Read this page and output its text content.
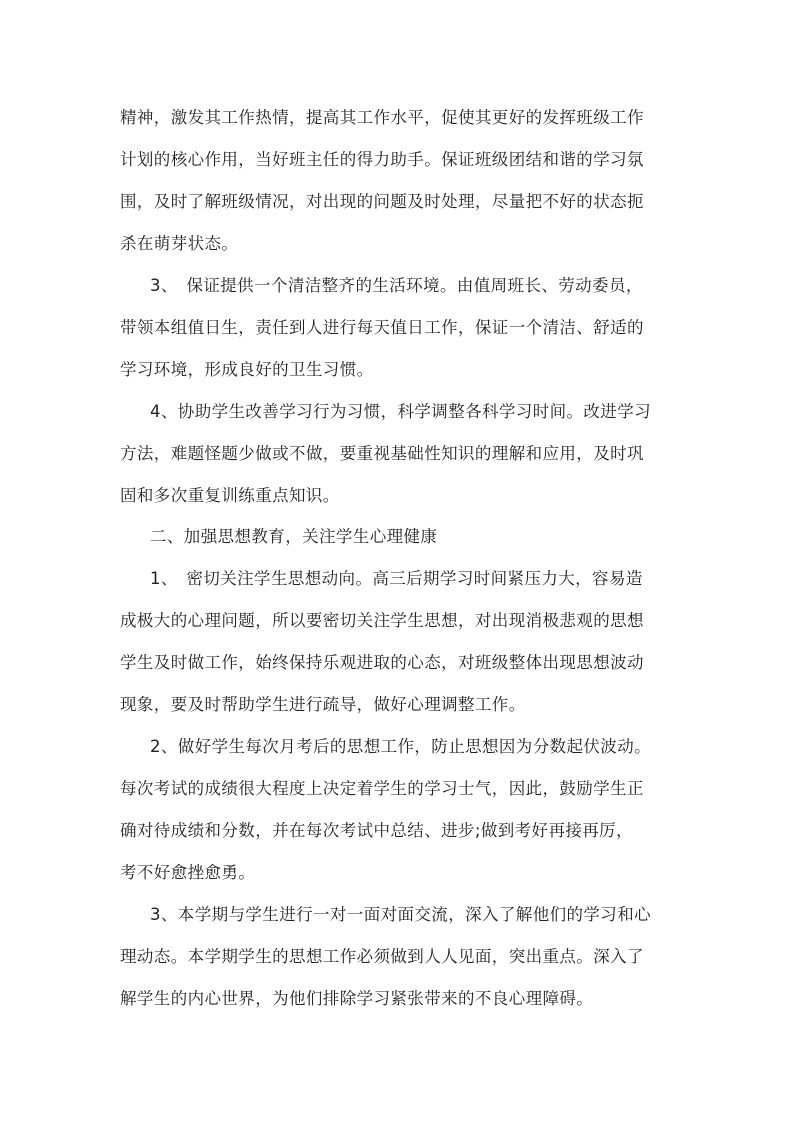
精神，激发其工作热情，提高其工作水平，促使其更好的发挥班级工作
计划的核心作用，当好班主任的得力助手。保证班级团结和谐的学习氛
围，及时了解班级情况，对出现的问题及时处理，尽量把不好的状态扼
杀在萌芽状态。
3、　保证提供一个清洁整齐的生活环境。由值周班长、劳动委员，
带领本组值日生，责任到人进行每天值日工作，保证一个清洁、舒适的
学习环境，形成良好的卫生习惯。
4、协助学生改善学习行为习惯，科学调整各科学习时间。改进学习
方法，难题怪题少做或不做，要重视基础性知识的理解和应用，及时巩
固和多次重复训练重点知识。
二、加强思想教育，关注学生心理健康
1、　密切关注学生思想动向。高三后期学习时间紧压力大，容易造
成极大的心理问题，所以要密切关注学生思想，对出现消极悲观的思想
学生及时做工作，始终保持乐观进取的心态，对班级整体出现思想波动
现象，要及时帮助学生进行疏导，做好心理调整工作。
2、做好学生每次月考后的思想工作，防止思想因为分数起伏波动。
每次考试的成绩很大程度上决定着学生的学习士气，因此，鼓励学生正
确对待成绩和分数，并在每次考试中总结、进步;做到考好再接再厉，
考不好愈挫愈勇。
3、本学期与学生进行一对一面对面交流，深入了解他们的学习和心
理动态。本学期学生的思想工作必须做到人人见面，突出重点。深入了
解学生的内心世界，为他们排除学习紧张带来的不良心理障碍。
